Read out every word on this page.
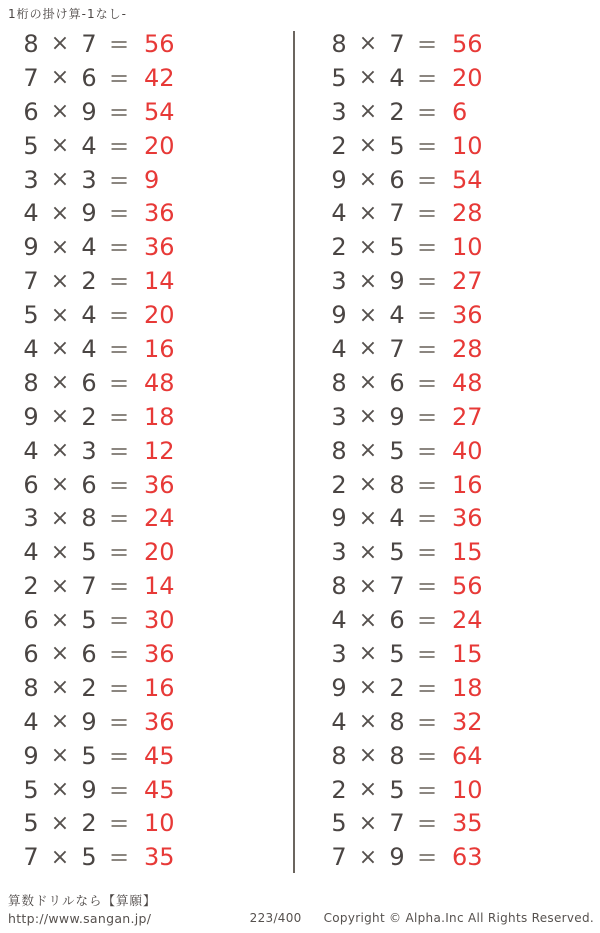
1桁の掛け算-1なし-
8 × 7 = 56
7 × 6 = 42
6 × 9 = 54
5 × 4 = 20
3 × 3 = 9
4 × 9 = 36
9 × 4 = 36
7 × 2 = 14
5 × 4 = 20
4 × 4 = 16
8 × 6 = 48
9 × 2 = 18
4 × 3 = 12
6 × 6 = 36
3 × 8 = 24
4 × 5 = 20
2 × 7 = 14
6 × 5 = 30
6 × 6 = 36
8 × 2 = 16
4 × 9 = 36
9 × 5 = 45
5 × 9 = 45
5 × 2 = 10
7 × 5 = 35
8 × 7 = 56
5 × 4 = 20
3 × 2 = 6
2 × 5 = 10
9 × 6 = 54
4 × 7 = 28
2 × 5 = 10
3 × 9 = 27
9 × 4 = 36
4 × 7 = 28
8 × 6 = 48
3 × 9 = 27
8 × 5 = 40
2 × 8 = 16
9 × 4 = 36
3 × 5 = 15
8 × 7 = 56
4 × 6 = 24
3 × 5 = 15
9 × 2 = 18
4 × 8 = 32
8 × 8 = 64
2 × 5 = 10
5 × 7 = 35
7 × 9 = 63
算数ドリルなら【算願】
http://www.sangan.jp/	223/400 Copyright © Alpha.Inc All Rights Reserved.
